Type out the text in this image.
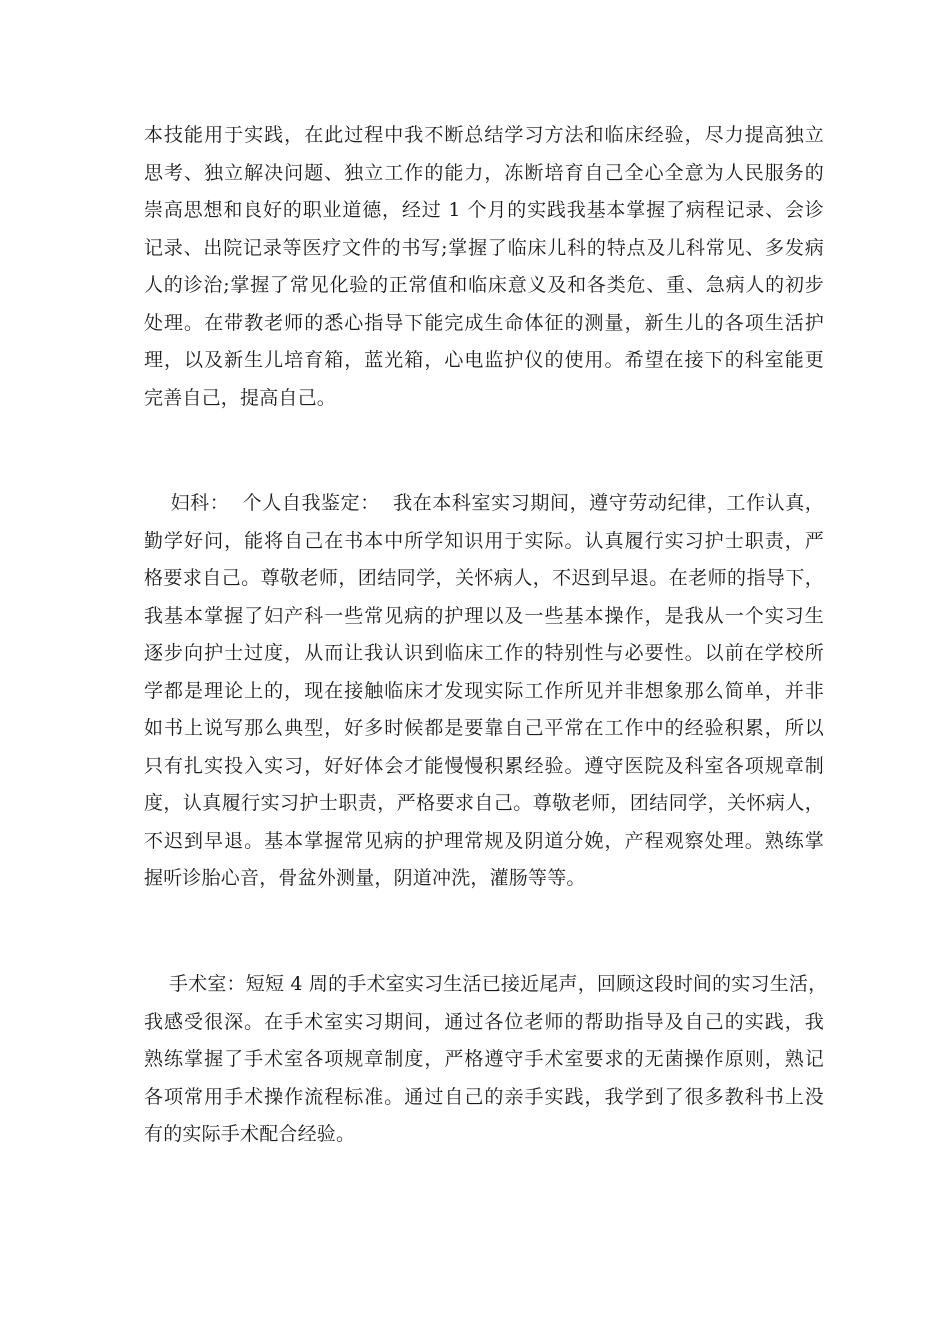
本技能用于实践，在此过程中我不断总结学习方法和临床经验，尽力提高独立
思考、独立解决问题、独立工作的能力，冻断培育自己全心全意为人民服务的
崇高思想和良好的职业道德，经过 1 个月的实践我基本掌握了病程记录、会诊
记录、出院记录等医疗文件的书写;掌握了临床儿科的特点及儿科常见、多发病
人的诊治;掌握了常见化验的正常值和临床意义及和各类危、重、急病人的初步
处理。在带教老师的悉心指导下能完成生命体征的测量，新生儿的各项生活护
理，以及新生儿培育箱，蓝光箱，心电监护仪的使用。希望在接下的科室能更
完善自己，提高自己。

妇科：  个人自我鉴定：  我在本科室实习期间，遵守劳动纪律，工作认真，
勤学好问，能将自己在书本中所学知识用于实际。认真履行实习护士职责，严
格要求自己。尊敬老师，团结同学，关怀病人，不迟到早退。在老师的指导下，
我基本掌握了妇产科一些常见病的护理以及一些基本操作，是我从一个实习生
逐步向护士过度，从而让我认识到临床工作的特别性与必要性。以前在学校所
学都是理论上的，现在接触临床才发现实际工作所见并非想象那么简单，并非
如书上说写那么典型，好多时候都是要靠自己平常在工作中的经验积累，所以
只有扎实投入实习，好好体会才能慢慢积累经验。遵守医院及科室各项规章制
度，认真履行实习护士职责，严格要求自己。尊敬老师，团结同学，关怀病人，
不迟到早退。基本掌握常见病的护理常规及阴道分娩，产程观察处理。熟练掌
握听诊胎心音，骨盆外测量，阴道冲洗，灌肠等等。

手术室：短短 4 周的手术室实习生活已接近尾声，回顾这段时间的实习生活，
我感受很深。在手术室实习期间，通过各位老师的帮助指导及自己的实践，我
熟练掌握了手术室各项规章制度，严格遵守手术室要求的无菌操作原则，熟记
各项常用手术操作流程标准。通过自己的亲手实践，我学到了很多教科书上没
有的实际手术配合经验。
